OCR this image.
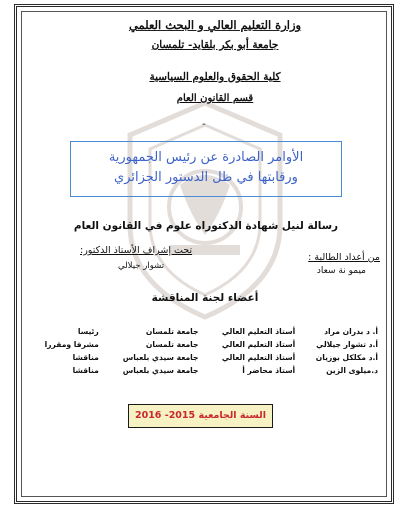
وزارة التعليم العالي و البحث العلمي
جامعة أبو بكر بلقايد- تلمسان
كلية الحقوق والعلوم السياسية
قسم القانون العام
-
الأوامر الصادرة عن رئيس الجمهورية
ورقابتها في ظل الدستور الجزائري
رسالة لنيل شهادة الدكتوراه علوم في القانون العام
من أعداد الطالبة :
ميمو نة سعاد
تحت إشراف الأستاذ الدكتور:
تشوار جيلالي
أعضاء لجنة المناقشة
أ. د بدران مراد	أستاذ التعليم العالي	جامعة تلمسان	رئيسا
أ.د تشوار جيلالي	أستاذ التعليم العالي	جامعة تلمسان	مشرفا ومقررا
أ.د مكلكل بوزيان	أستاذ التعليم العالي	جامعة سيدي بلعباس	مناقشا
د.ميلوى الزين	أستاذ محاضر أ	جامعة سيدي بلعباس	مناقشا
السنة الجامعية 2015- 2016
